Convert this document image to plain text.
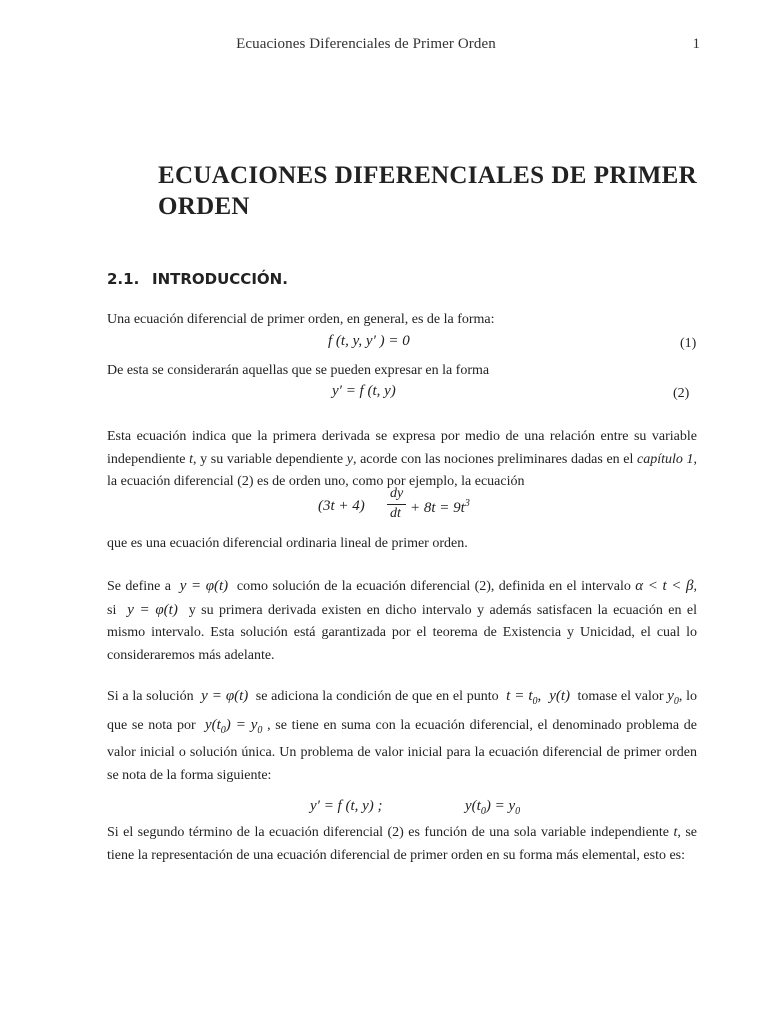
Ecuaciones Diferenciales de Primer Orden	1
ECUACIONES DIFERENCIALES DE PRIMER ORDEN
2.1. INTRODUCCIÓN.
Una ecuación diferencial de primer orden, en general, es de la forma:
f (t, y, y′ ) = 0	(1)
De esta se considerarán aquellas que se pueden expresar en la forma
y′ = f (t, y)	(2)
Esta ecuación indica que la primera derivada se expresa por medio de una relación entre su variable independiente t, y su variable dependiente y, acorde con las nociones preliminares dadas en el capítulo 1, la ecuación diferencial (2) es de orden uno, como por ejemplo, la ecuación
(3t + 4)
dy
dt + $8t = 9t^3$
que es una ecuación diferencial ordinaria lineal de primer orden.
Se define a y = φ(t) como solución de la ecuación diferencial (2), definida en el intervalo α < t < β, si y = φ(t) y su primera derivada existen en dicho intervalo y además satisfacen la ecuación en el mismo intervalo. Esta solución está garantizada por el teorema de Existencia y Unicidad, el cual lo consideraremos más adelante.
Si a la solución y = φ(t) se adiciona la condición de que en el punto $t = t_0$,  y(t) tomase el valor $y_0$, lo que se nota por $y(t_0) = y_0$ , se tiene en suma con la ecuación diferencial, el denominado problema de valor inicial o solución única. Un problema de valor inicial para la ecuación diferencial de primer orden se nota de la forma siguiente:
y′ = f (t, y) ;	$y(t_0) = y_0$
Si el segundo término de la ecuación diferencial (2) es función de una sola variable independiente t, se tiene la representación de una ecuación diferencial de primer orden en su forma más elemental, esto es:
